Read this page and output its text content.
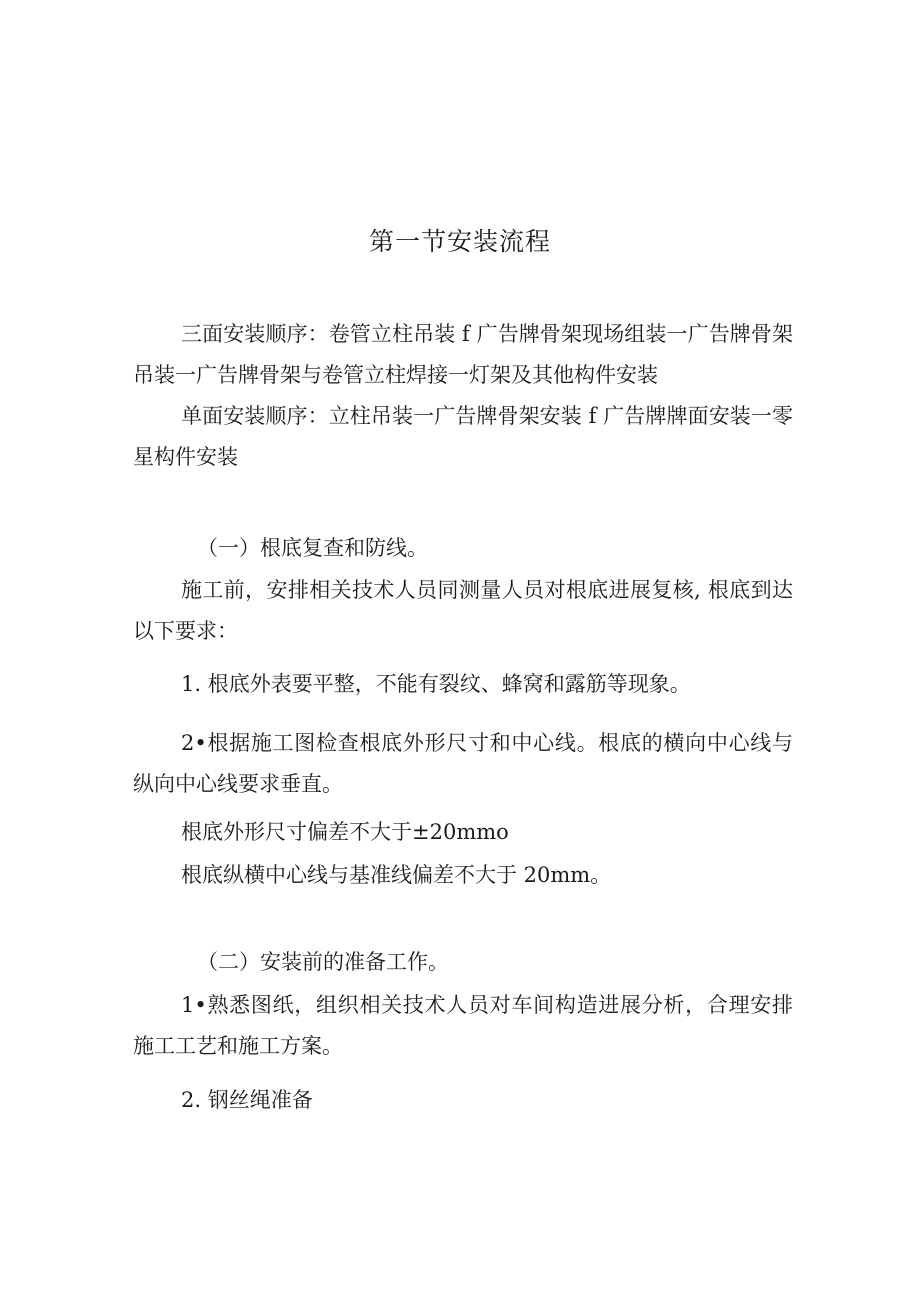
第一节安装流程

三面安装顺序：卷管立柱吊装 f 广告牌骨架现场组装一广告牌骨架吊装一广告牌骨架与卷管立柱焊接一灯架及其他构件安装

单面安装顺序：立柱吊装一广告牌骨架安装 f 广告牌牌面安装一零星构件安装

（一）根底复查和防线。

施工前，安排相关技术人员同测量人员对根底进展复核, 根底到达以下要求：

1. 根底外表要平整，不能有裂纹、蜂窝和露筋等现象。

2•根据施工图检查根底外形尺寸和中心线。根底的横向中心线与纵向中心线要求垂直。

根底外形尺寸偏差不大于±20mmo

根底纵横中心线与基准线偏差不大于 20mm。

（二）安装前的准备工作。

1•熟悉图纸，组织相关技术人员对车间构造进展分析，合理安排施工工艺和施工方案。

2. 钢丝绳准备
